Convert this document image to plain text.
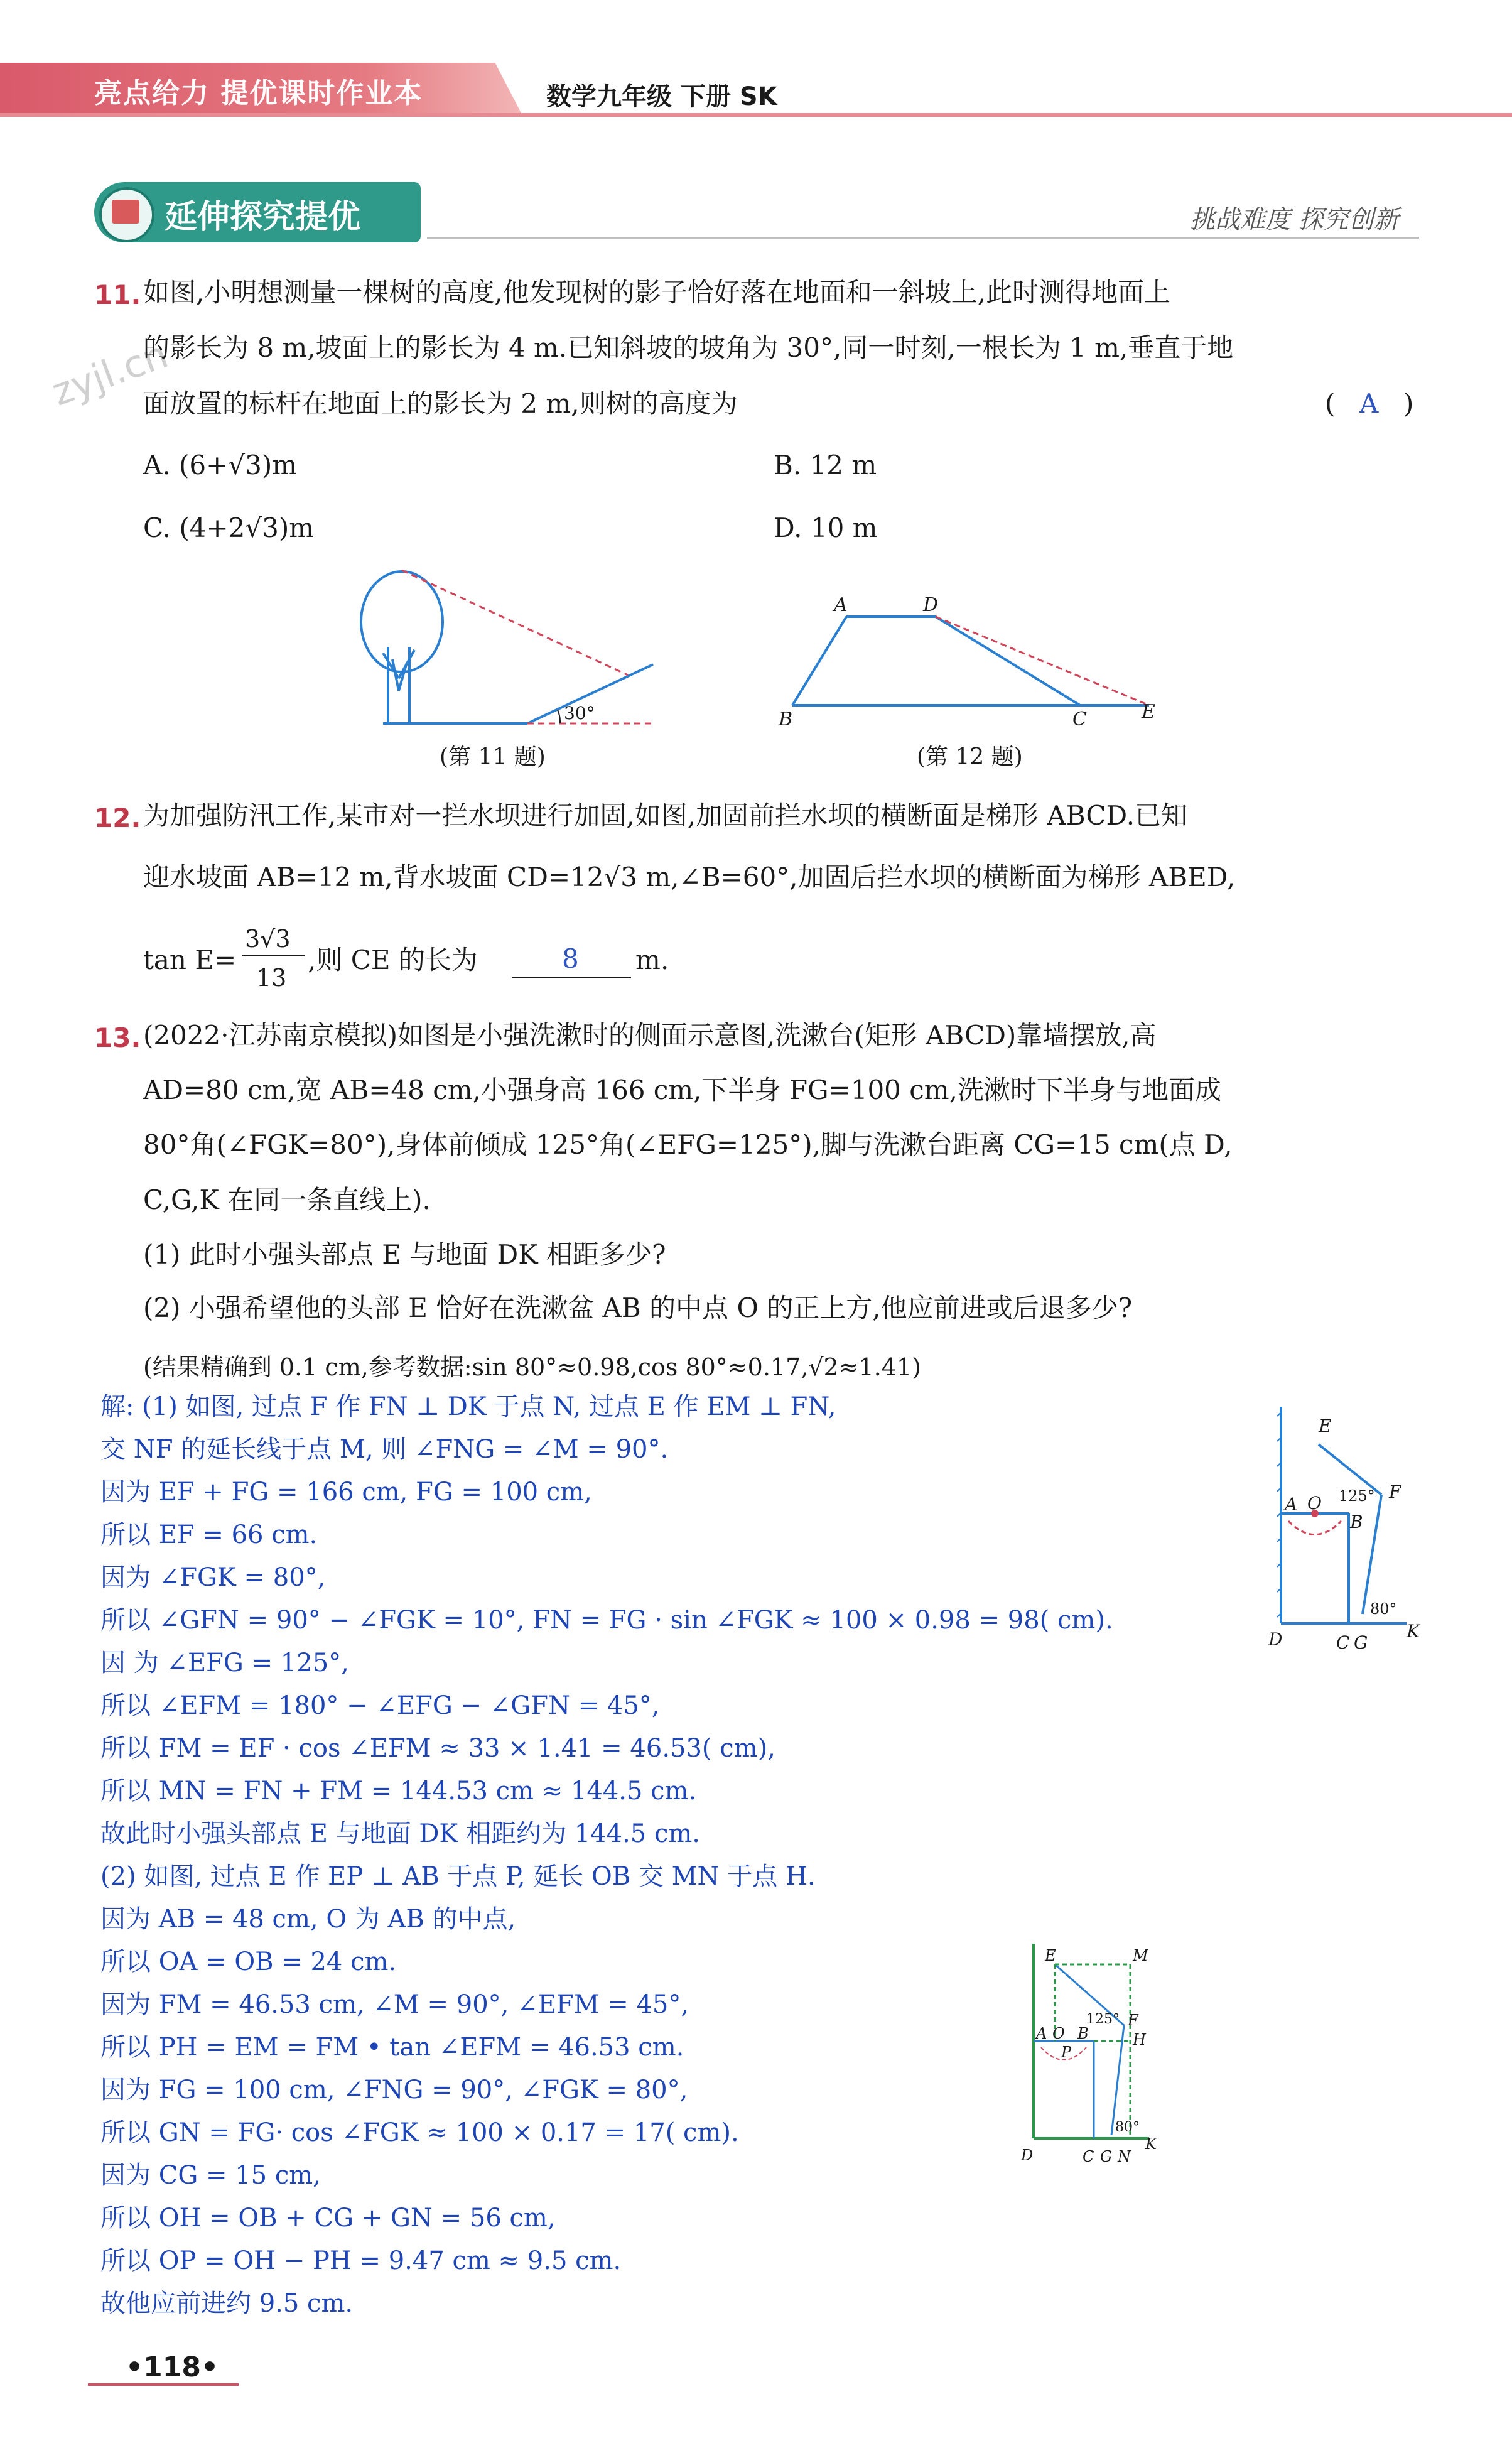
亮点给力 提优课时作业本	数学九年级 下册 SK
延伸探究提优	挑战难度 探究创新
zyjl.cn
11. 如图,小明想测量一棵树的高度,他发现树的影子恰好落在地面和一斜坡上,此时测得地面上
的影长为 8 m,坡面上的影长为 4 m.已知斜坡的坡角为 30°,同一时刻,一根长为 1 m,垂直于地
面放置的标杆在地面上的影长为 2 m,则树的高度为	( A )
A. (6+√3)m	B. 12 m
C. (4+2√3)m	D. 10 m
30°
(第 11 题)
A	D
B	C	E
(第 12 题)
12. 为加强防汛工作,某市对一拦水坝进行加固,如图,加固前拦水坝的横断面是梯形 ABCD.已知
迎水坡面 AB=12 m,背水坡面 CD=12√3 m,∠B=60°,加固后拦水坝的横断面为梯形 ABED,
tan E=
3√3
13
,则 CE 的长为	8 m.
13. (2022·江苏南京模拟)如图是小强洗漱时的侧面示意图,洗漱台(矩形 ABCD)靠墙摆放,高
AD=80 cm,宽 AB=48 cm,小强身高 166 cm,下半身 FG=100 cm,洗漱时下半身与地面成
80°角(∠FGK=80°),身体前倾成 125°角(∠EFG=125°),脚与洗漱台距离 CG=15 cm(点 D,
C,G,K 在同一条直线上).
(1) 此时小强头部点 E 与地面 DK 相距多少?
(2) 小强希望他的头部 E 恰好在洗漱盆 AB 的中点 O 的正上方,他应前进或后退多少?
(结果精确到 0.1 cm,参考数据:sin 80°≈0.98,cos 80°≈0.17,√2≈1.41)
解: (1) 如图, 过点 F 作 FN ⊥ DK 于点 N, 过点 E 作 EM ⊥ FN,
交 NF 的延长线于点 M, 则 ∠FNG = ∠M = 90°.
因为 EF + FG = 166 cm, FG = 100 cm,
所以 EF = 66 cm.
因为 ∠FGK = 80°,
所以 ∠GFN = 90° − ∠FGK = 10°, FN = FG · sin ∠FGK ≈ 100 × 0.98 = 98( cm).
因 为 ∠EFG = 125°,
所以 ∠EFM = 180° − ∠EFG − ∠GFN = 45°,
所以 FM = EF · cos ∠EFM ≈ 33 × 1.41 = 46.53( cm),
所以 MN = FN + FM = 144.53 cm ≈ 144.5 cm.
故此时小强头部点 E 与地面 DK 相距约为 144.5 cm.
(2) 如图, 过点 E 作 EP ⊥ AB 于点 P, 延长 OB 交 MN 于点 H.
因为 AB = 48 cm, O 为 AB 的中点,
所以 OA = OB = 24 cm.
因为 FM = 46.53 cm, ∠M = 90°, ∠EFM = 45°,
所以 PH = EM = FM • tan ∠EFM = 46.53 cm.
因为 FG = 100 cm, ∠FNG = 90°, ∠FGK = 80°,
所以 GN = FG· cos ∠FGK ≈ 100 × 0.17 = 17( cm).
因为 CG = 15 cm,
所以 OH = OB + CG + GN = 56 cm,
所以 OP = OH − PH = 9.47 cm ≈ 9.5 cm.
故他应前进约 9.5 cm.
E
F
A O
B
D	C G
K
125°
80°
E	M
F
H
A O B
P
D	C G N
K
125°
80°
•118•
